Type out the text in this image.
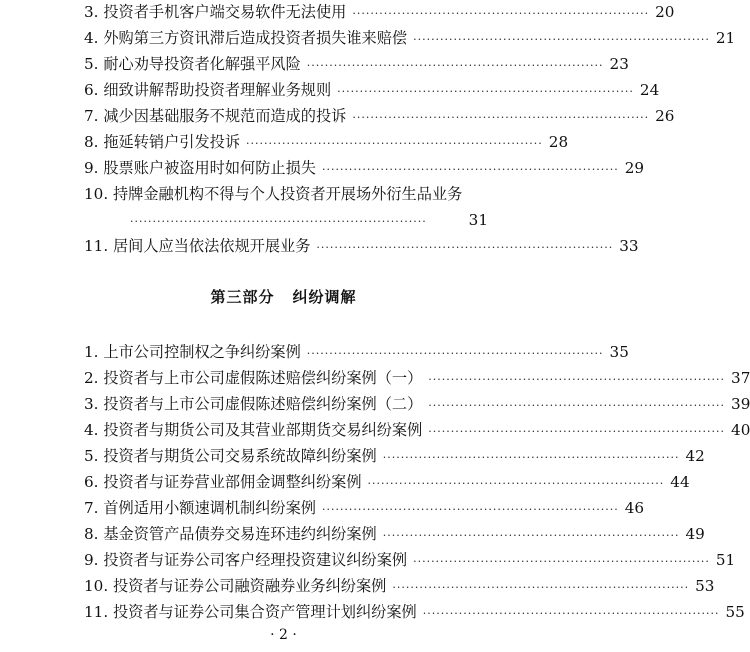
3. 投资者手机客户端交易软件无法使用 ·································································· 20
4. 外购第三方资讯滞后造成投资者损失谁来赔偿 ·································································· 21
5. 耐心劝导投资者化解强平风险 ·································································· 23
6. 细致讲解帮助投资者理解业务规则 ·································································· 24
7. 减少因基础服务不规范而造成的投诉 ·································································· 26
8. 拖延转销户引发投诉 ·································································· 28
9. 股票账户被盗用时如何防止损失 ·································································· 29
10. 持牌金融机构不得与个人投资者开展场外衍生品业务
··································································	31
11. 居间人应当依法依规开展业务 ·································································· 33
第三部分 纠纷调解
1. 上市公司控制权之争纠纷案例 ·································································· 35
2. 投资者与上市公司虚假陈述赔偿纠纷案例（一） ·································································· 37
3. 投资者与上市公司虚假陈述赔偿纠纷案例（二） ·································································· 39
4. 投资者与期货公司及其营业部期货交易纠纷案例 ·································································· 40
5. 投资者与期货公司交易系统故障纠纷案例 ·································································· 42
6. 投资者与证券营业部佣金调整纠纷案例 ·································································· 44
7. 首例适用小额速调机制纠纷案例 ·································································· 46
8. 基金资管产品债券交易连环违约纠纷案例 ·································································· 49
9. 投资者与证券公司客户经理投资建议纠纷案例 ·································································· 51
10. 投资者与证券公司融资融券业务纠纷案例 ·································································· 53
11. 投资者与证券公司集合资产管理计划纠纷案例 ·································································· 55
· 2 ·
